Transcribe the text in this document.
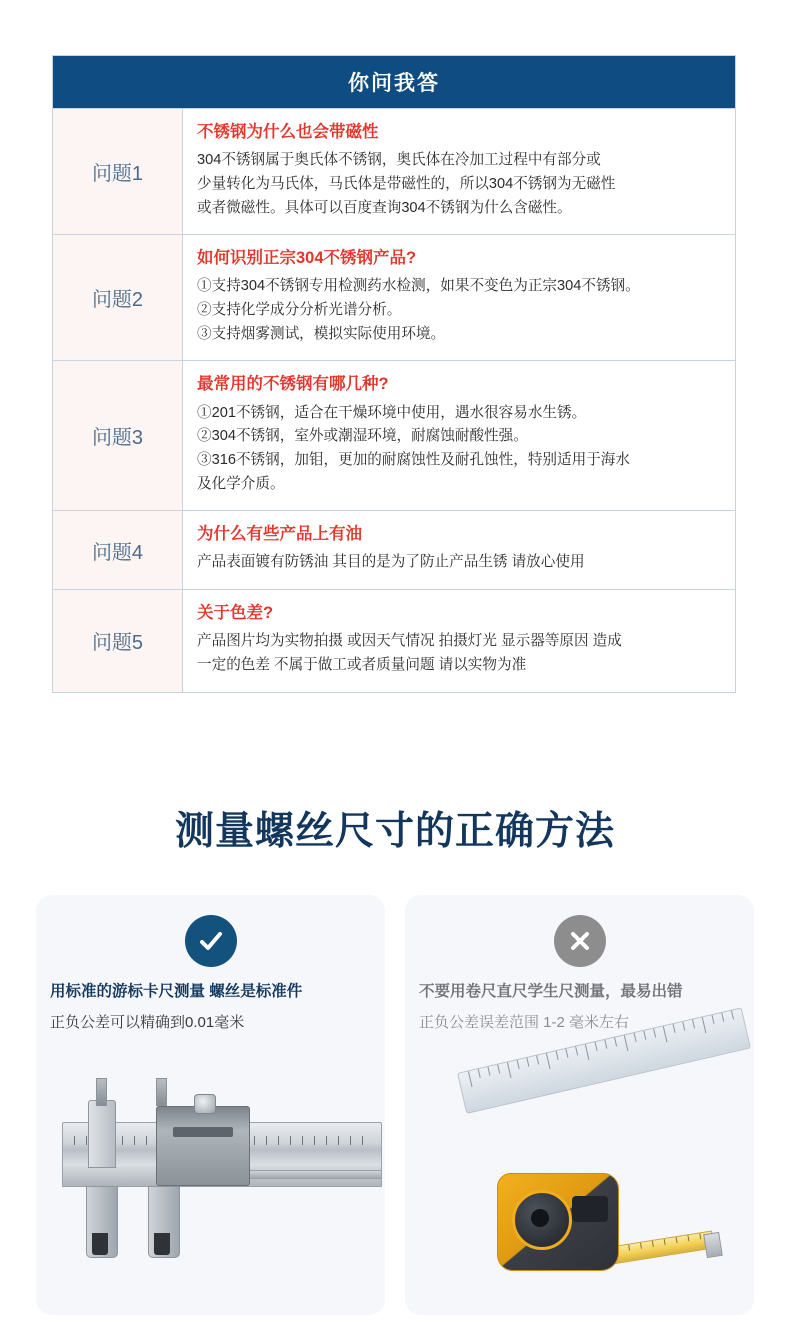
你问我答
问题1
不锈钢为什么也会带磁性
304不锈钢属于奥氏体不锈钢，奥氏体在冷加工过程中有部分或
少量转化为马氏体，马氏体是带磁性的，所以304不锈钢为无磁性
或者微磁性。具体可以百度查询304不锈钢为什么含磁性。
问题2
如何识别正宗304不锈钢产品?
①支持304不锈钢专用检测药水检测，如果不变色为正宗304不锈钢。
②支持化学成分分析光谱分析。
③支持烟雾测试，模拟实际使用环境。
问题3
最常用的不锈钢有哪几种?
①201不锈钢，适合在干燥环境中使用，遇水很容易水生锈。
②304不锈钢，室外或潮湿环境，耐腐蚀耐酸性强。
③316不锈钢，加钼，更加的耐腐蚀性及耐孔蚀性，特别适用于海水
及化学介质。
问题4
为什么有些产品上有油
产品表面镀有防锈油 其目的是为了防止产品生锈 请放心使用
问题5
关于色差?
产品图片均为实物拍摄 或因天气情况 拍摄灯光 显示器等原因 造成
一定的色差 不属于做工或者质量问题 请以实物为准
测量螺丝尺寸的正确方法
用标准的游标卡尺测量 螺丝是标准件
正负公差可以精确到0.01毫米
不要用卷尺直尺学生尺测量，最易出错
正负公差误差范围 1-2 毫米左右
